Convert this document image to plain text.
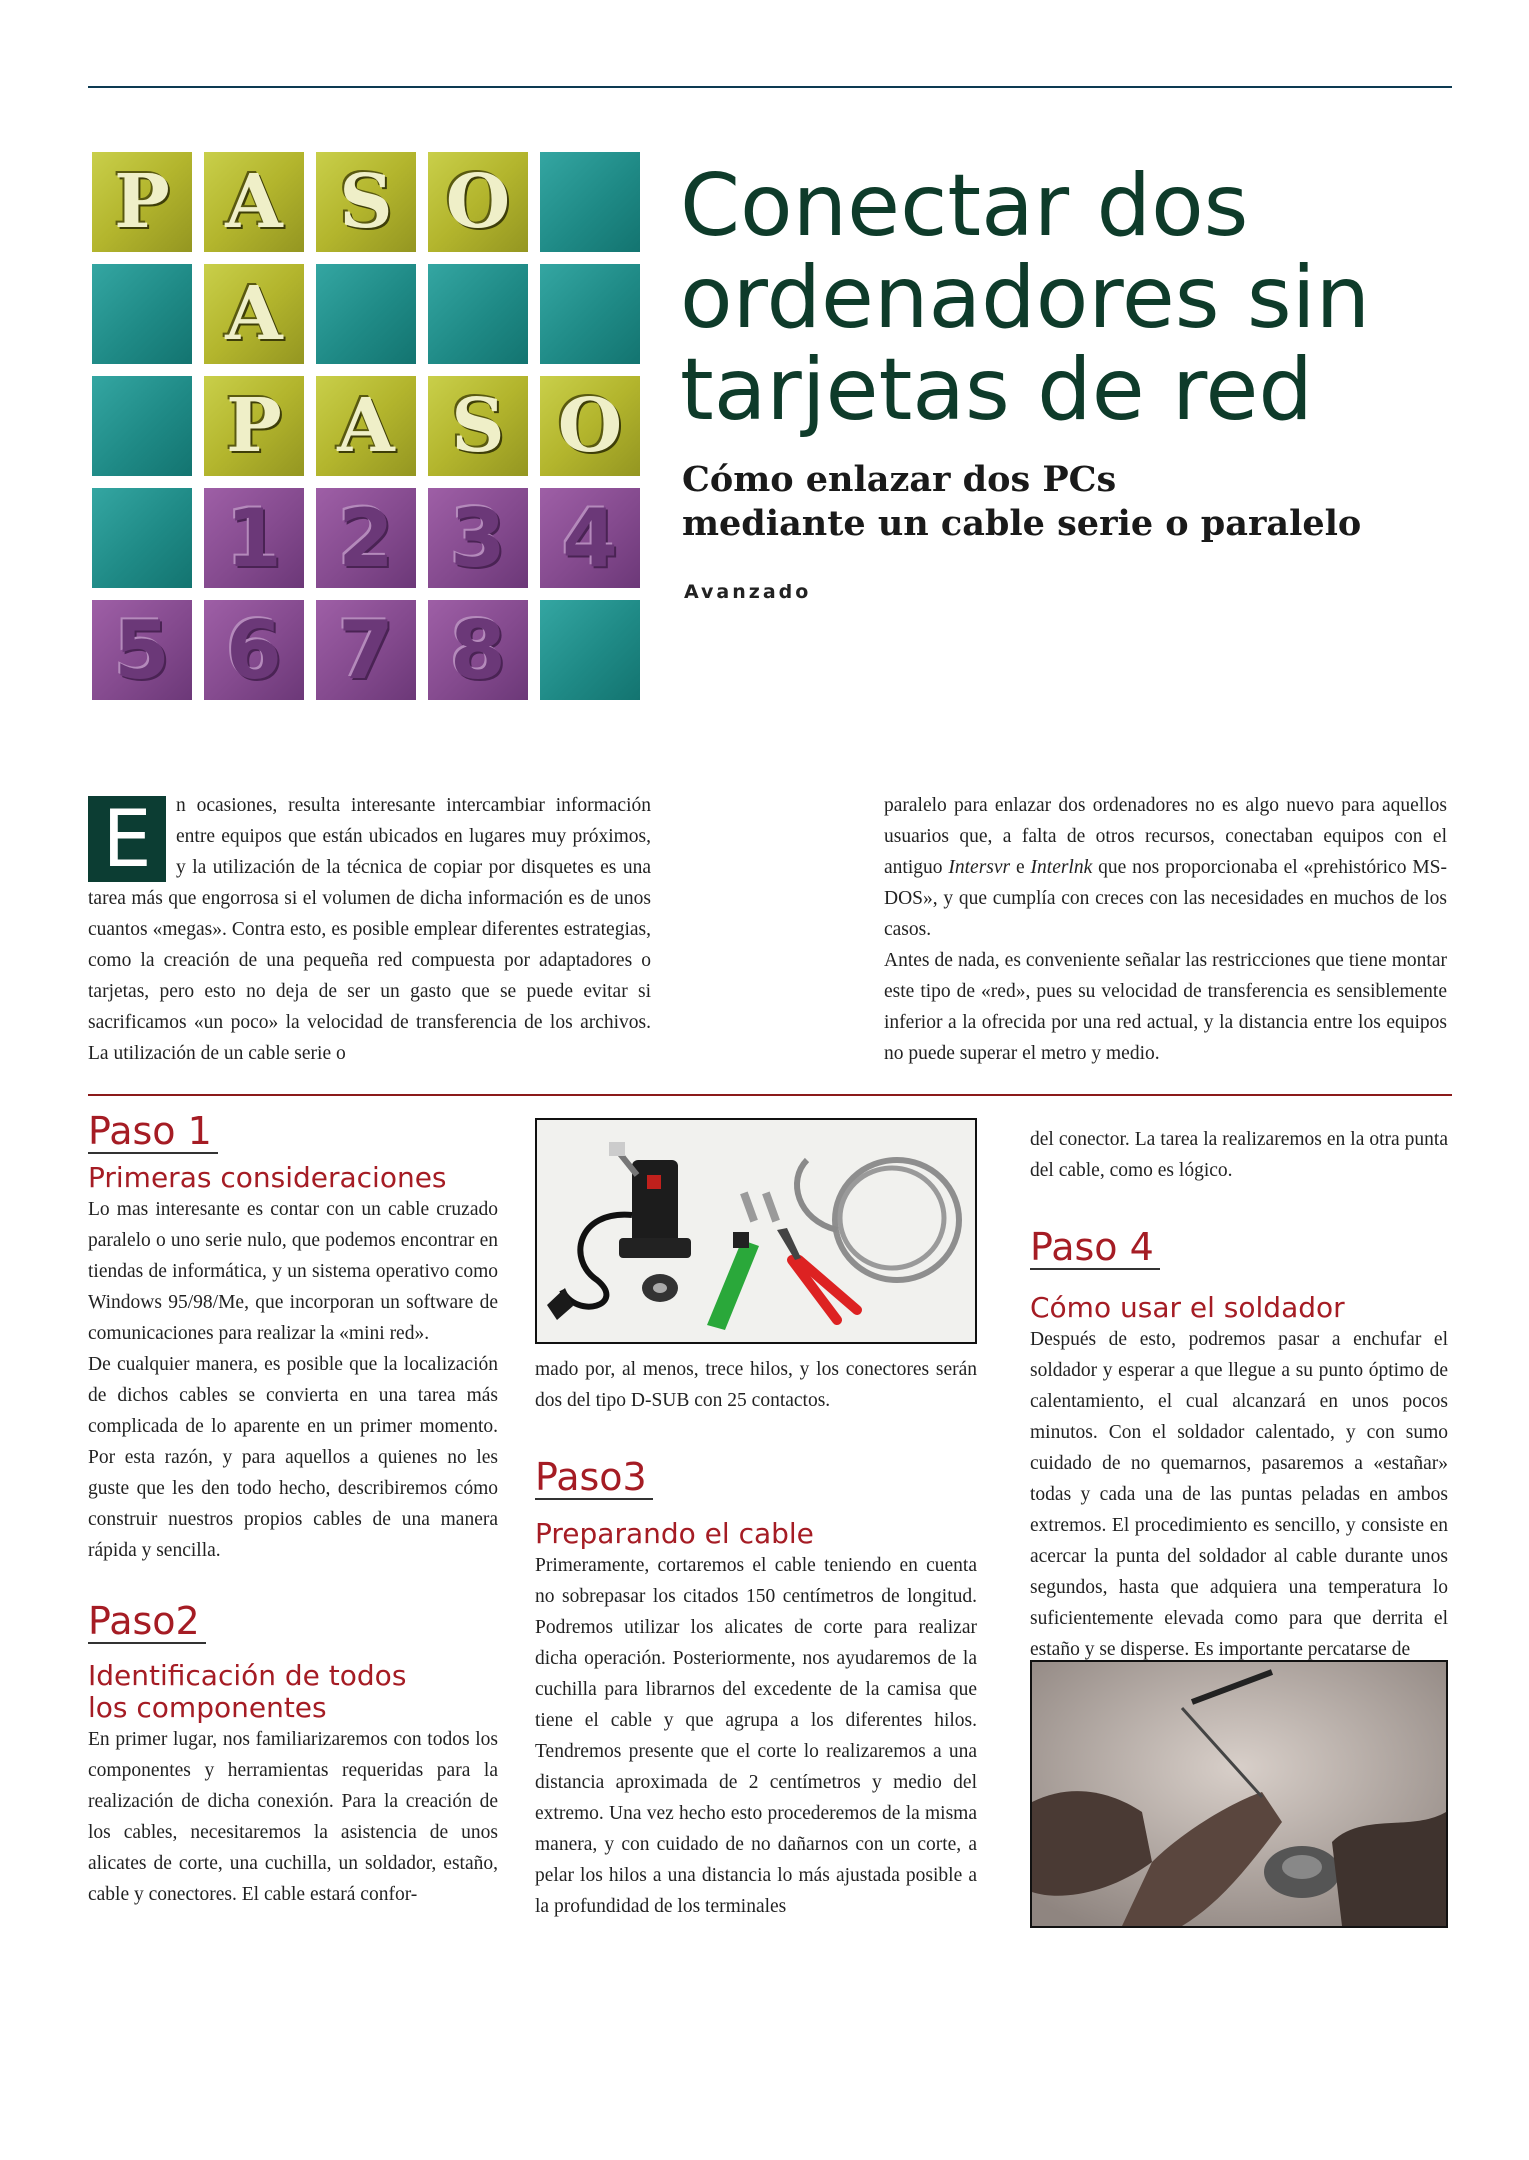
P A S O
A
P A S O
1 2 3 4
5 6 7 8
Conectar dos ordenadores sin tarjetas de red
Cómo enlazar dos PCs
mediante un cable serie o paralelo
Avanzado
E	n ocasiones, resulta interesante intercambiar información entre equipos que están ubicados en lugares muy próximos, y la utilización de la técnica de copiar por disquetes es una tarea más que engorrosa si el volumen de dicha información es de unos cuantos «megas». Contra esto, es posible emplear diferentes estrategias, como la creación de una pequeña red compuesta por adaptadores o tarjetas, pero esto no deja de ser un gasto que se puede evitar si sacrificamos «un poco» la velocidad de transferencia de los archivos. La utilización de un cable serie o

paralelo para enlazar dos ordenadores no es algo nuevo para aquellos usuarios que, a falta de otros recursos, conectaban equipos con el antiguo Intersvr e Interlnk que nos proporcionaba el «prehistórico MS-DOS», y que cumplía con creces con las necesidades en muchos de los casos.

Antes de nada, es conveniente señalar las restricciones que tiene montar este tipo de «red», pues su velocidad de transferencia es sensiblemente inferior a la ofrecida por una red actual, y la distancia entre los equipos no puede superar el metro y medio.

Paso 1
Primeras consideraciones

Lo mas interesante es contar con un cable cruzado paralelo o uno serie nulo, que podemos encontrar en tiendas de informática, y un sistema operativo como Windows 95/98/Me, que incorporan un software de comunicaciones para realizar la «mini red».

De cualquier manera, es posible que la localización de dichos cables se convierta en una tarea más complicada de lo aparente en un primer momento. Por esta razón, y para aquellos a quienes no les guste que les den todo hecho, describiremos cómo construir nuestros propios cables de una manera rápida y sencilla.

Paso2
Identificación de todos
los componentes

En primer lugar, nos familiarizaremos con todos los componentes y herramientas requeridas para la realización de dicha conexión. Para la creación de los cables, necesitaremos la asistencia de unos alicates de corte, una cuchilla, un soldador, estaño, cable y conectores. El cable estará confor-

mado por, al menos, trece hilos, y los conectores serán dos del tipo D-SUB con 25 contactos.

Paso3
Preparando el cable

Primeramente, cortaremos el cable teniendo en cuenta no sobrepasar los citados 150 centímetros de longitud. Podremos utilizar los alicates de corte para realizar dicha operación. Posteriormente, nos ayudaremos de la cuchilla para librarnos del excedente de la camisa que tiene el cable y que agrupa a los diferentes hilos. Tendremos presente que el corte lo realizaremos a una distancia aproximada de 2 centímetros y medio del extremo. Una vez hecho esto procederemos de la misma manera, y con cuidado de no dañarnos con un corte, a pelar los hilos a una distancia lo más ajustada posible a la profundidad de los terminales

del conector. La tarea la realizaremos en la otra punta del cable, como es lógico.

Paso 4
Cómo usar el soldador

Después de esto, podremos pasar a enchufar el soldador y esperar a que llegue a su punto óptimo de calentamiento, el cual alcanzará en unos pocos minutos. Con el soldador calentado, y con sumo cuidado de no quemarnos, pasaremos a «estañar» todas y cada una de las puntas peladas en ambos extremos. El procedimiento es sencillo, y consiste en acercar la punta del soldador al cable durante unos segundos, hasta que adquiera una temperatura lo suficientemente elevada como para que derrita el estaño y se disperse. Es importante percatarse de
